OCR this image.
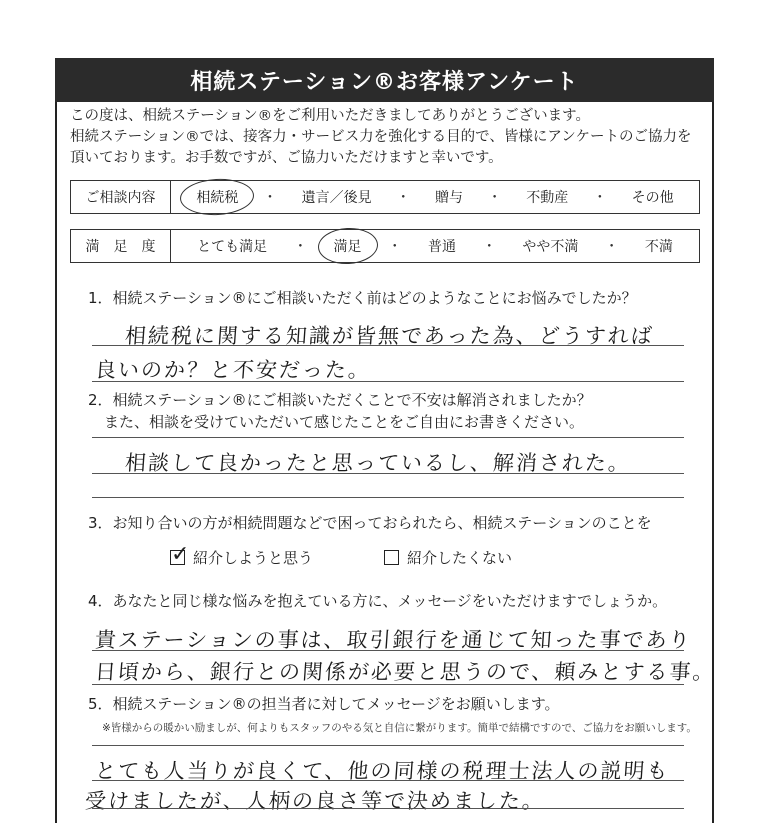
相続ステーション®お客様アンケート
この度は、相続ステーション®をご利用いただきましてありがとうございます。
相続ステーション®では、接客力・サービス力を強化する目的で、皆様にアンケートのご協力を
頂いております。お手数ですが、ご協力いただけますと幸いです。
ご相談内容	相続税	・	遺言／後見	・	贈与	・	不動産	・	その他
満　足　度	とても満足	・	満足	・	普通	・	やや不満	・	不満
1．相続ステーション®にご相談いただく前はどのようなことにお悩みでしたか？
相続税に関する知識が皆無であった為、どうすれば
良いのか？と不安だった。
2．相続ステーション®にご相談いただくことで不安は解消されましたか？
また、相談を受けていただいて感じたことをご自由にお書きください。
相談して良かったと思っているし、解消された。
3．お知り合いの方が相続問題などで困っておられたら、相続ステーションのことを
✓
紹介しようと思う	紹介したくない
4．あなたと同じ様な悩みを抱えている方に、メッセージをいただけますでしょうか。
貴ステーションの事は、取引銀行を通じて知った事であり
日頃から、銀行との関係が必要と思うので、頼みとする事。
5．相続ステーション®の担当者に対してメッセージをお願いします。
※皆様からの暖かい励ましが、何よりもスタッフのやる気と自信に繋がります。簡単で結構ですので、ご協力をお願いします。
とても人当りが良くて、他の同様の税理士法人の説明も
受けましたが、人柄の良さ等で決めました。
